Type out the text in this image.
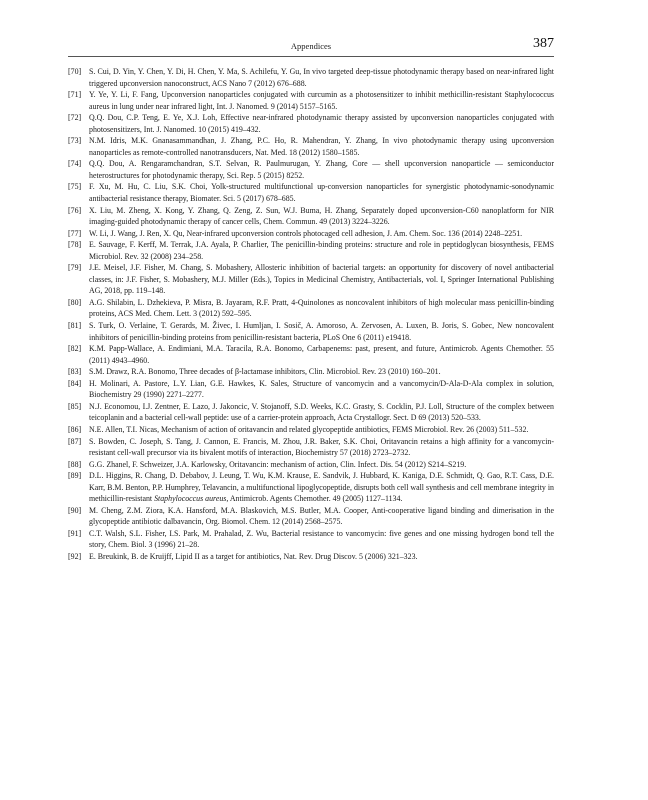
Appendices	387
[70] S. Cui, D. Yin, Y. Chen, Y. Di, H. Chen, Y. Ma, S. Achilefu, Y. Gu, In vivo targeted deep-tissue photodynamic therapy based on near-infrared light triggered upconversion nanoconstruct, ACS Nano 7 (2012) 676–688.
[71] Y. Ye, Y. Li, F. Fang, Upconversion nanoparticles conjugated with curcumin as a photosensitizer to inhibit methicillin-resistant Staphylococcus aureus in lung under near infrared light, Int. J. Nanomed. 9 (2014) 5157–5165.
[72] Q.Q. Dou, C.P. Teng, E. Ye, X.J. Loh, Effective near-infrared photodynamic therapy assisted by upconversion nanoparticles conjugated with photosensitizers, Int. J. Nanomed. 10 (2015) 419–432.
[73] N.M. Idris, M.K. Gnanasammandhan, J. Zhang, P.C. Ho, R. Mahendran, Y. Zhang, In vivo photodynamic therapy using upconversion nanoparticles as remote-controlled nanotransducers, Nat. Med. 18 (2012) 1580–1585.
[74] Q.Q. Dou, A. Rengaramchandran, S.T. Selvan, R. Paulmurugan, Y. Zhang, Core — shell upconversion nanoparticle — semiconductor heterostructures for photodynamic therapy, Sci. Rep. 5 (2015) 8252.
[75] F. Xu, M. Hu, C. Liu, S.K. Choi, Yolk-structured multifunctional up-conversion nanoparticles for synergistic photodynamic-sonodynamic antibacterial resistance therapy, Biomater. Sci. 5 (2017) 678–685.
[76] X. Liu, M. Zheng, X. Kong, Y. Zhang, Q. Zeng, Z. Sun, W.J. Buma, H. Zhang, Separately doped upconversion-C60 nanoplatform for NIR imaging-guided photodynamic therapy of cancer cells, Chem. Commun. 49 (2013) 3224–3226.
[77] W. Li, J. Wang, J. Ren, X. Qu, Near-infrared upconversion controls photocaged cell adhesion, J. Am. Chem. Soc. 136 (2014) 2248–2251.
[78] E. Sauvage, F. Kerff, M. Terrak, J.A. Ayala, P. Charlier, The penicillin-binding proteins: structure and role in peptidoglycan biosynthesis, FEMS Microbiol. Rev. 32 (2008) 234–258.
[79] J.E. Meisel, J.F. Fisher, M. Chang, S. Mobashery, Allosteric inhibition of bacterial targets: an opportunity for discovery of novel antibacterial classes, in: J.F. Fisher, S. Mobashery, M.J. Miller (Eds.), Topics in Medicinal Chemistry, Antibacterials, vol. I, Springer International Publishing AG, 2018, pp. 119–148.
[80] A.G. Shilabin, L. Dzhekieva, P. Misra, B. Jayaram, R.F. Pratt, 4-Quinolones as noncovalent inhibitors of high molecular mass penicillin-binding proteins, ACS Med. Chem. Lett. 3 (2012) 592–595.
[81] S. Turk, O. Verlaine, T. Gerards, M. Živec, I. Humljan, I. Sosič, A. Amoroso, A. Zervosen, A. Luxen, B. Joris, S. Gobec, New noncovalent inhibitors of penicillin-binding proteins from penicillin-resistant bacteria, PLoS One 6 (2011) e19418.
[82] K.M. Papp-Wallace, A. Endimiani, M.A. Taracila, R.A. Bonomo, Carbapenems: past, present, and future, Antimicrob. Agents Chemother. 55 (2011) 4943–4960.
[83] S.M. Drawz, R.A. Bonomo, Three decades of β-lactamase inhibitors, Clin. Microbiol. Rev. 23 (2010) 160–201.
[84] H. Molinari, A. Pastore, L.Y. Lian, G.E. Hawkes, K. Sales, Structure of vancomycin and a vancomycin/D-Ala-D-Ala complex in solution, Biochemistry 29 (1990) 2271–2277.
[85] N.J. Economou, I.J. Zentner, E. Lazo, J. Jakoncic, V. Stojanoff, S.D. Weeks, K.C. Grasty, S. Cocklin, P.J. Loll, Structure of the complex between teicoplanin and a bacterial cell-wall peptide: use of a carrier-protein approach, Acta Crystallogr. Sect. D 69 (2013) 520–533.
[86] N.E. Allen, T.I. Nicas, Mechanism of action of oritavancin and related glycopeptide antibiotics, FEMS Microbiol. Rev. 26 (2003) 511–532.
[87] S. Bowden, C. Joseph, S. Tang, J. Cannon, E. Francis, M. Zhou, J.R. Baker, S.K. Choi, Oritavancin retains a high affinity for a vancomycin-resistant cell-wall precursor via its bivalent motifs of interaction, Biochemistry 57 (2018) 2723–2732.
[88] G.G. Zhanel, F. Schweizer, J.A. Karlowsky, Oritavancin: mechanism of action, Clin. Infect. Dis. 54 (2012) S214–S219.
[89] D.L. Higgins, R. Chang, D. Debabov, J. Leung, T. Wu, K.M. Krause, E. Sandvik, J. Hubbard, K. Kaniga, D.E. Schmidt, Q. Gao, R.T. Cass, D.E. Karr, B.M. Benton, P.P. Humphrey, Telavancin, a multifunctional lipoglycopeptide, disrupts both cell wall synthesis and cell membrane integrity in methicillin-resistant Staphylococcus aureus, Antimicrob. Agents Chemother. 49 (2005) 1127–1134.
[90] M. Cheng, Z.M. Ziora, K.A. Hansford, M.A. Blaskovich, M.S. Butler, M.A. Cooper, Anti-cooperative ligand binding and dimerisation in the glycopeptide antibiotic dalbavancin, Org. Biomol. Chem. 12 (2014) 2568–2575.
[91] C.T. Walsh, S.L. Fisher, I.S. Park, M. Prahalad, Z. Wu, Bacterial resistance to vancomycin: five genes and one missing hydrogen bond tell the story, Chem. Biol. 3 (1996) 21–28.
[92] E. Breukink, B. de Kruijff, Lipid II as a target for antibiotics, Nat. Rev. Drug Discov. 5 (2006) 321–323.
